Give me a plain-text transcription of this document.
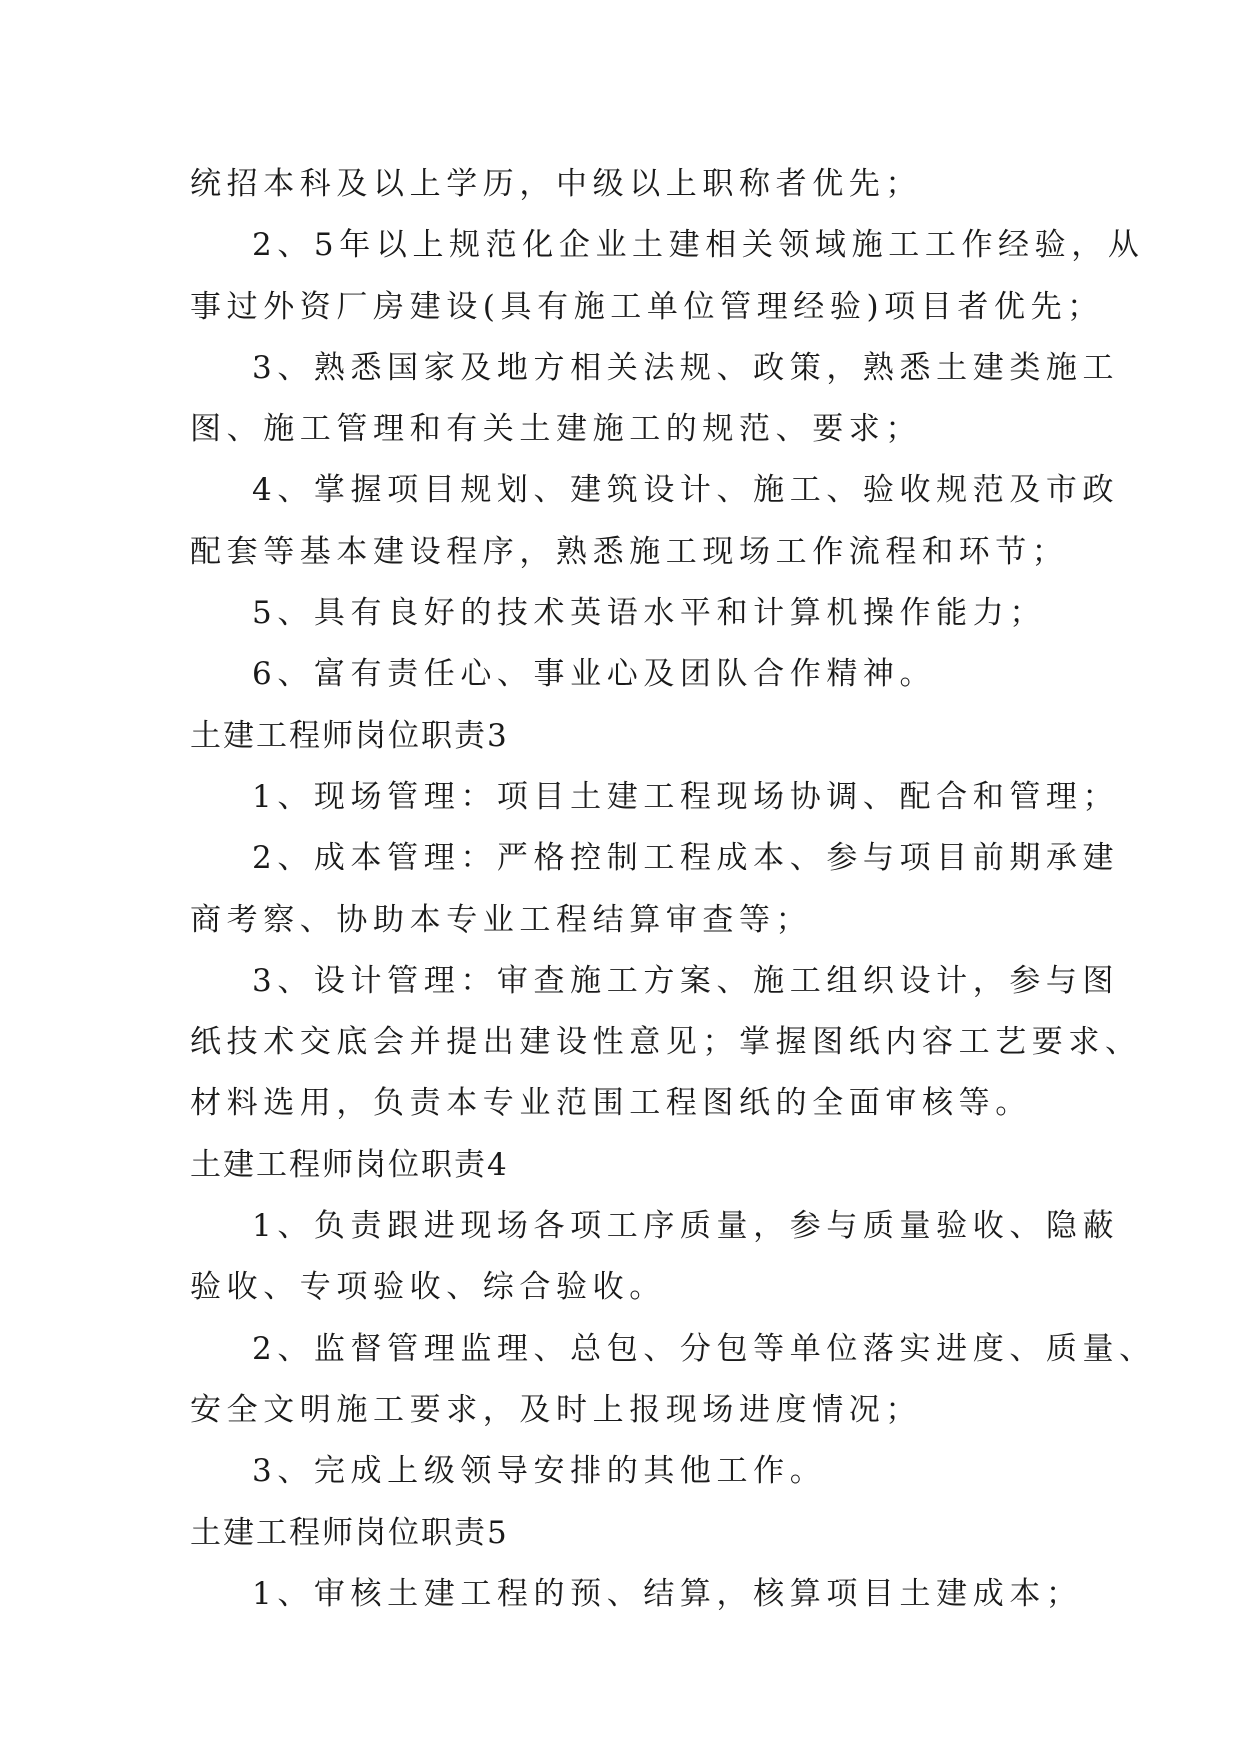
统招本科及以上学历，中级以上职称者优先；
2、5年以上规范化企业土建相关领域施工工作经验，从
事过外资厂房建设(具有施工单位管理经验)项目者优先；
3、熟悉国家及地方相关法规、政策，熟悉土建类施工
图、施工管理和有关土建施工的规范、要求；
4、掌握项目规划、建筑设计、施工、验收规范及市政
配套等基本建设程序，熟悉施工现场工作流程和环节；
5、具有良好的技术英语水平和计算机操作能力；
6、富有责任心、事业心及团队合作精神。
土建工程师岗位职责3
1、现场管理：项目土建工程现场协调、配合和管理；
2、成本管理：严格控制工程成本、参与项目前期承建
商考察、协助本专业工程结算审查等；
3、设计管理：审查施工方案、施工组织设计，参与图
纸技术交底会并提出建设性意见；掌握图纸内容工艺要求、
材料选用，负责本专业范围工程图纸的全面审核等。
土建工程师岗位职责4
1、负责跟进现场各项工序质量，参与质量验收、隐蔽
验收、专项验收、综合验收。
2、监督管理监理、总包、分包等单位落实进度、质量、
安全文明施工要求，及时上报现场进度情况；
3、完成上级领导安排的其他工作。
土建工程师岗位职责5
1、审核土建工程的预、结算，核算项目土建成本；
